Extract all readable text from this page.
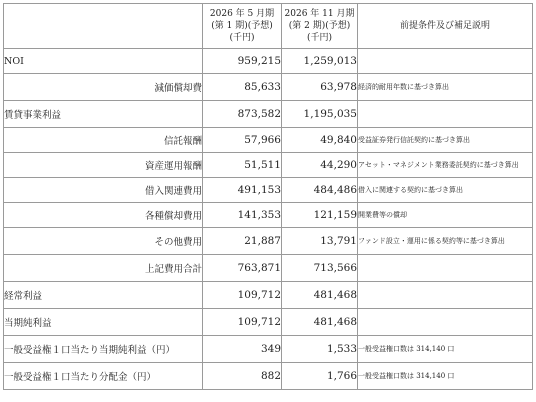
	2026 年 5 月期
(第 1 期)(予想)
(千円)	2026 年 11 月期
(第 2 期)(予想)
(千円)	前提条件及び補足説明
NOI	959,215	1,259,013	
減価償却費	85,633	63,978	経済的耐用年数に基づき算出
賃貸事業利益	873,582	1,195,035	
信託報酬	57,966	49,840	受益証券発行信託契約に基づき算出
資産運用報酬	51,511	44,290	アセット・マネジメント業務委託契約に基づき算出
借入関連費用	491,153	484,486	借入に関連する契約に基づき算出
各種償却費用	141,353	121,159	開業費等の償却
その他費用	21,887	13,791	ファンド設立・運用に係る契約等に基づき算出
上記費用合計	763,871	713,566	
経常利益	109,712	481,468	
当期純利益	109,712	481,468	
一般受益権１口当たり当期純利益（円）	349	1,533	一般受益権口数は 314,140 口
一般受益権１口当たり分配金（円）	882	1,766	一般受益権口数は 314,140 口
